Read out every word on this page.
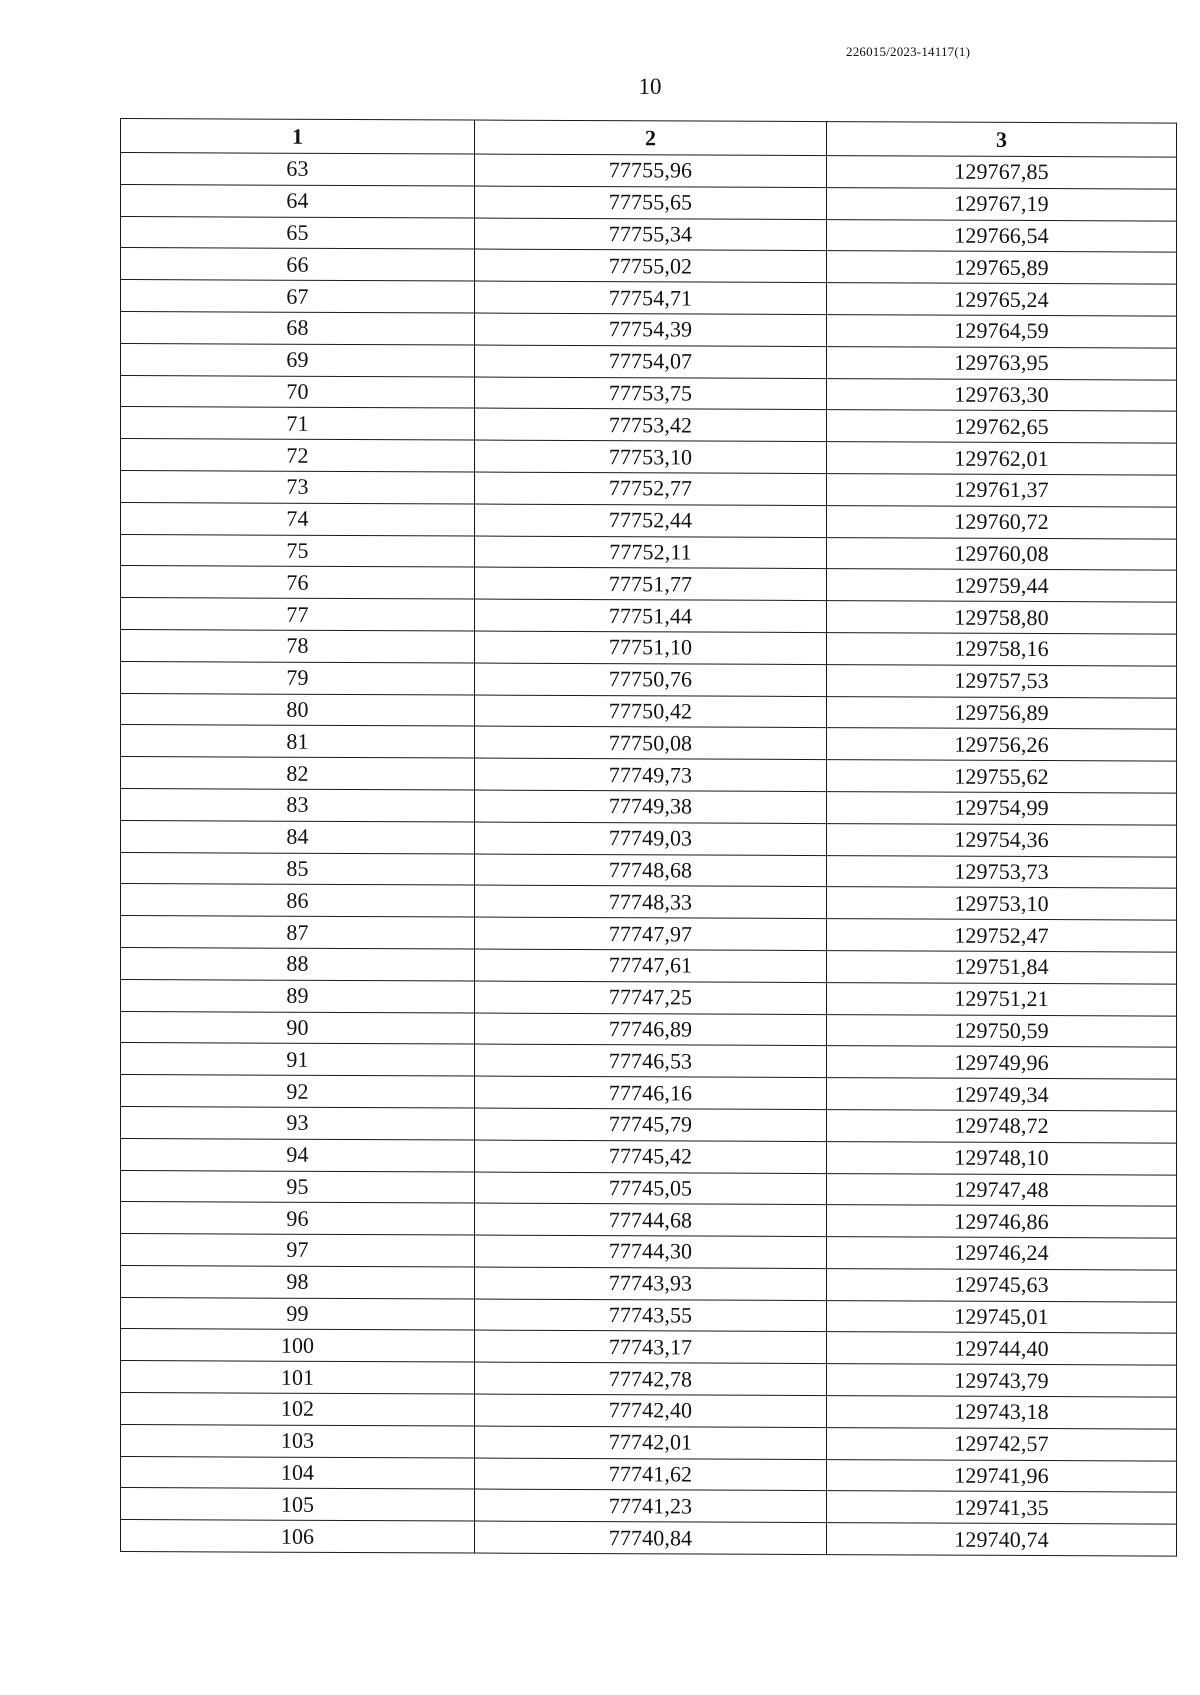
226015/2023-14117(1)
10
1	2	3
63	77755,96	129767,85
64	77755,65	129767,19
65	77755,34	129766,54
66	77755,02	129765,89
67	77754,71	129765,24
68	77754,39	129764,59
69	77754,07	129763,95
70	77753,75	129763,30
71	77753,42	129762,65
72	77753,10	129762,01
73	77752,77	129761,37
74	77752,44	129760,72
75	77752,11	129760,08
76	77751,77	129759,44
77	77751,44	129758,80
78	77751,10	129758,16
79	77750,76	129757,53
80	77750,42	129756,89
81	77750,08	129756,26
82	77749,73	129755,62
83	77749,38	129754,99
84	77749,03	129754,36
85	77748,68	129753,73
86	77748,33	129753,10
87	77747,97	129752,47
88	77747,61	129751,84
89	77747,25	129751,21
90	77746,89	129750,59
91	77746,53	129749,96
92	77746,16	129749,34
93	77745,79	129748,72
94	77745,42	129748,10
95	77745,05	129747,48
96	77744,68	129746,86
97	77744,30	129746,24
98	77743,93	129745,63
99	77743,55	129745,01
100	77743,17	129744,40
101	77742,78	129743,79
102	77742,40	129743,18
103	77742,01	129742,57
104	77741,62	129741,96
105	77741,23	129741,35
106	77740,84	129740,74
